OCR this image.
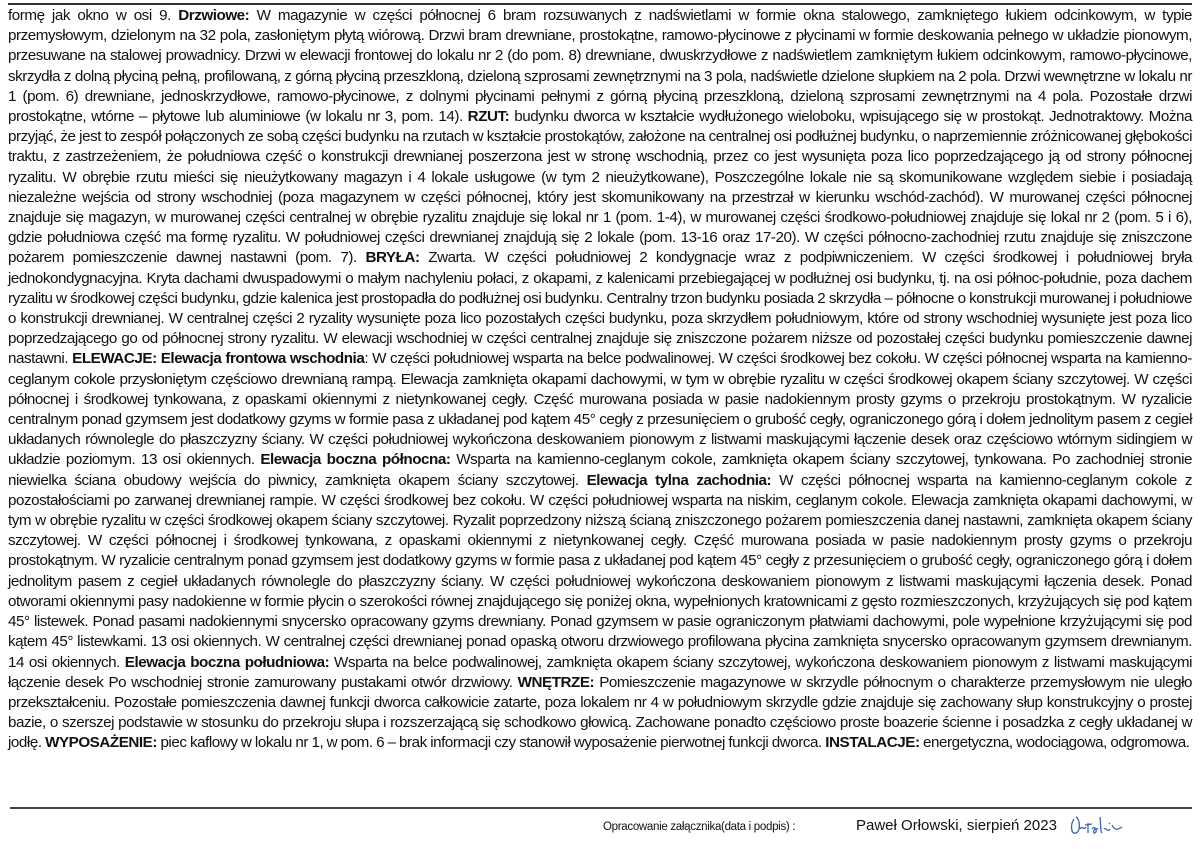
formę jak okno w osi 9. Drzwiowe: W magazynie w części północnej 6 bram rozsuwanych z nadświetlami w formie okna stalowego, zamkniętego łukiem odcinkowym, w typie przemysłowym, dzielonym na 32 pola, zasłoniętym płytą wiórową. Drzwi bram drewniane, prostokątne, ramowo-płycinowe z płycinami w formie deskowania pełnego w układzie pionowym, przesuwane na stalowej prowadnicy. Drzwi w elewacji frontowej do lokalu nr 2 (do pom. 8) drewniane, dwuskrzydłowe z nadświetlem zamkniętym łukiem odcinkowym, ramowo-płycinowe, skrzydła z dolną płyciną pełną, profilowaną, z górną płyciną przeszkloną, dzieloną szprosami zewnętrznymi na 3 pola, nadświetle dzielone słupkiem na 2 pola. Drzwi wewnętrzne w lokalu nr 1 (pom. 6) drewniane, jednoskrzydłowe, ramowo-płycinowe, z dolnymi płycinami pełnymi z górną płyciną przeszkloną, dzieloną szprosami zewnętrznymi na 4 pola. Pozostałe drzwi prostokątne, wtórne – płytowe lub aluminiowe (w lokalu nr 3, pom. 14). RZUT: budynku dworca w kształcie wydłużonego wieloboku, wpisującego się w prostokąt. Jednotraktowy. Można przyjąć, że jest to zespół połączonych ze sobą części budynku na rzutach w kształcie prostokątów, założone na centralnej osi podłużnej budynku, o naprzemiennie zróżnicowanej głębokości traktu, z zastrzeżeniem, że południowa część o konstrukcji drewnianej poszerzona jest w stronę wschodnią, przez co jest wysunięta poza lico poprzedzającego ją od strony północnej ryzalitu. W obrębie rzutu mieści się nieużytkowany magazyn i 4 lokale usługowe (w tym 2 nieużytkowane), Poszczególne lokale nie są skomunikowane względem siebie i posiadają niezależne wejścia od strony wschodniej (poza magazynem w części północnej, który jest skomunikowany na przestrzał w kierunku wschód-zachód). W murowanej części północnej znajduje się magazyn, w murowanej części centralnej w obrębie ryzalitu znajduje się lokal nr 1 (pom. 1-4), w murowanej części środkowo-południowej znajduje się lokal nr 2 (pom. 5 i 6), gdzie południowa część ma formę ryzalitu. W południowej części drewnianej znajdują się 2 lokale (pom. 13-16 oraz 17-20). W części północno-zachodniej rzutu znajduje się zniszczone pożarem pomieszczenie dawnej nastawni (pom. 7). BRYŁA: Zwarta. W części południowej 2 kondygnacje wraz z podpiwniczeniem. W części środkowej i południowej bryła jednokondygnacyjna. Kryta dachami dwuspadowymi o małym nachyleniu połaci, z okapami, z kalenicami przebiegającej w podłużnej osi budynku, tj. na osi północ-południe, poza dachem ryzalitu w środkowej części budynku, gdzie kalenica jest prostopadła do podłużnej osi budynku. Centralny trzon budynku posiada 2 skrzydła – północne o konstrukcji murowanej i południowe o konstrukcji drewnianej. W centralnej części 2 ryzality wysunięte poza lico pozostałych części budynku, poza skrzydłem południowym, które od strony wschodniej wysunięte jest poza lico poprzedzającego go od północnej strony ryzalitu. W elewacji wschodniej w części centralnej znajduje się zniszczone pożarem niższe od pozostałej części budynku pomieszczenie dawnej nastawni. ELEWACJE: Elewacja frontowa wschodnia: W części południowej wsparta na belce podwalinowej. W części środkowej bez cokołu. W części północnej wsparta na kamienno-ceglanym cokole przysłoniętym częściowo drewnianą rampą. Elewacja zamknięta okapami dachowymi, w tym w obrębie ryzalitu w części środkowej okapem ściany szczytowej. W części północnej i środkowej tynkowana, z opaskami okiennymi z nietynkowanej cegły. Część murowana posiada w pasie nadokiennym prosty gzyms o przekroju prostokątnym. W ryzalicie centralnym ponad gzymsem jest dodatkowy gzyms w formie pasa z układanej pod kątem 45° cegły z przesunięciem o grubość cegły, ograniczonego górą i dołem jednolitym pasem z cegieł układanych równolegle do płaszczyzny ściany. W części południowej wykończona deskowaniem pionowym z listwami maskującymi łączenie desek oraz częściowo wtórnym sidingiem w układzie poziomym. 13 osi okiennych. Elewacja boczna północna: Wsparta na kamienno-ceglanym cokole, zamknięta okapem ściany szczytowej, tynkowana. Po zachodniej stronie niewielka ściana obudowy wejścia do piwnicy, zamknięta okapem ściany szczytowej. Elewacja tylna zachodnia: W części północnej wsparta na kamienno-ceglanym cokole z pozostałościami po zarwanej drewnianej rampie. W części środkowej bez cokołu. W części południowej wsparta na niskim, ceglanym cokole. Elewacja zamknięta okapami dachowymi, w tym w obrębie ryzalitu w części środkowej okapem ściany szczytowej. Ryzalit poprzedzony niższą ścianą zniszczonego pożarem pomieszczenia danej nastawni, zamknięta okapem ściany szczytowej. W części północnej i środkowej tynkowana, z opaskami okiennymi z nietynkowanej cegły. Część murowana posiada w pasie nadokiennym prosty gzyms o przekroju prostokątnym. W ryzalicie centralnym ponad gzymsem jest dodatkowy gzyms w formie pasa z układanej pod kątem 45° cegły z przesunięciem o grubość cegły, ograniczonego górą i dołem jednolitym pasem z cegieł układanych równolegle do płaszczyzny ściany. W części południowej wykończona deskowaniem pionowym z listwami maskującymi łączenia desek. Ponad otworami okiennymi pasy nadokienne w formie płycin o szerokości równej znajdującego się poniżej okna, wypełnionych kratownicami z gęsto rozmieszczonych, krzyżujących się pod kątem 45° listewek. Ponad pasami nadokiennymi snycersko opracowany gzyms drewniany. Ponad gzymsem w pasie ograniczonym płatwiami dachowymi, pole wypełnione krzyżującymi się pod kątem 45° listewkami. 13 osi okiennych. W centralnej części drewnianej ponad opaską otworu drzwiowego profilowana płycina zamknięta snycersko opracowanym gzymsem drewnianym. 14 osi okiennych. Elewacja boczna południowa: Wsparta na belce podwalinowej, zamknięta okapem ściany szczytowej, wykończona deskowaniem pionowym z listwami maskującymi łączenie desek Po wschodniej stronie zamurowany pustakami otwór drzwiowy. WNĘTRZE: Pomieszczenie magazynowe w skrzydle północnym o charakterze przemysłowym nie uległo przekształceniu. Pozostałe pomieszczenia dawnej funkcji dworca całkowicie zatarte, poza lokalem nr 4 w południowym skrzydle gdzie znajduje się zachowany słup konstrukcyjny o prostej bazie, o szerszej podstawie w stosunku do przekroju słupa i rozszerzającą się schodkowo głowicą. Zachowane ponadto częściowo proste boazerie ścienne i posadzka z cegły układanej w jodłę. WYPOSAŻENIE: piec kaflowy w lokalu nr 1, w pom. 6 – brak informacji czy stanowił wyposażenie pierwotnej funkcji dworca. INSTALACJE: energetyczna, wodociągowa, odgromowa.
Opracowanie załącznika(data i podpis) :	Paweł Orłowski, sierpień 2023
